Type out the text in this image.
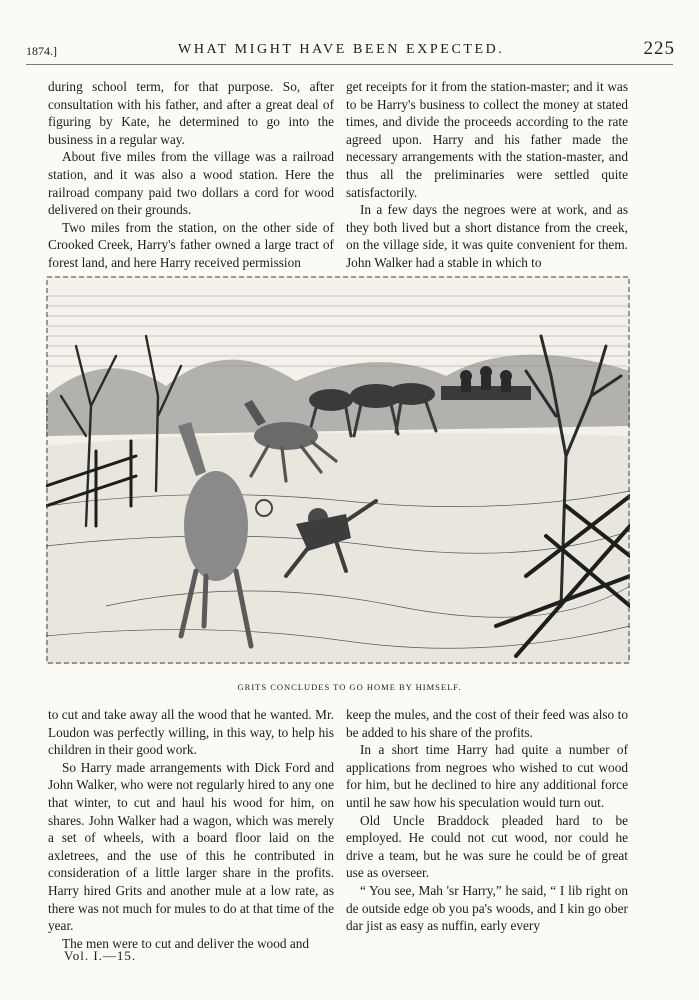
1874.]	WHAT MIGHT HAVE BEEN EXPECTED.	225

during school term, for that purpose. So, after consultation with his father, and after a great deal of figuring by Kate, he determined to go into the business in a regular way.

About five miles from the village was a railroad station, and it was also a wood station. Here the railroad company paid two dollars a cord for wood delivered on their grounds.

Two miles from the station, on the other side of Crooked Creek, Harry's father owned a large tract of forest land, and here Harry received permission

get receipts for it from the station-master; and it was to be Harry's business to collect the money at stated times, and divide the proceeds according to the rate agreed upon. Harry and his father made the necessary arrangements with the station-master, and thus all the preliminaries were settled quite satisfactorily.

In a few days the negroes were at work, and as they both lived but a short distance from the creek, on the village side, it was quite convenient for them. John Walker had a stable in which to

GRITS CONCLUDES TO GO HOME BY HIMSELF.

to cut and take away all the wood that he wanted. Mr. Loudon was perfectly willing, in this way, to help his children in their good work.

So Harry made arrangements with Dick Ford and John Walker, who were not regularly hired to any one that winter, to cut and haul his wood for him, on shares. John Walker had a wagon, which was merely a set of wheels, with a board floor laid on the axletrees, and the use of this he contributed in consideration of a little larger share in the profits. Harry hired Grits and another mule at a low rate, as there was not much for mules to do at that time of the year.

The men were to cut and deliver the wood and

keep the mules, and the cost of their feed was also to be added to his share of the profits.

In a short time Harry had quite a number of applications from negroes who wished to cut wood for him, but he declined to hire any additional force until he saw how his speculation would turn out.

Old Uncle Braddock pleaded hard to be employed. He could not cut wood, nor could he drive a team, but he was sure he could be of great use as overseer.

“ You see, Mah 'sr Harry,” he said, “ I lib right on de outside edge ob you pa's woods, and I kin go ober dar jist as easy as nuffin, early every

Vol. I.—15.
